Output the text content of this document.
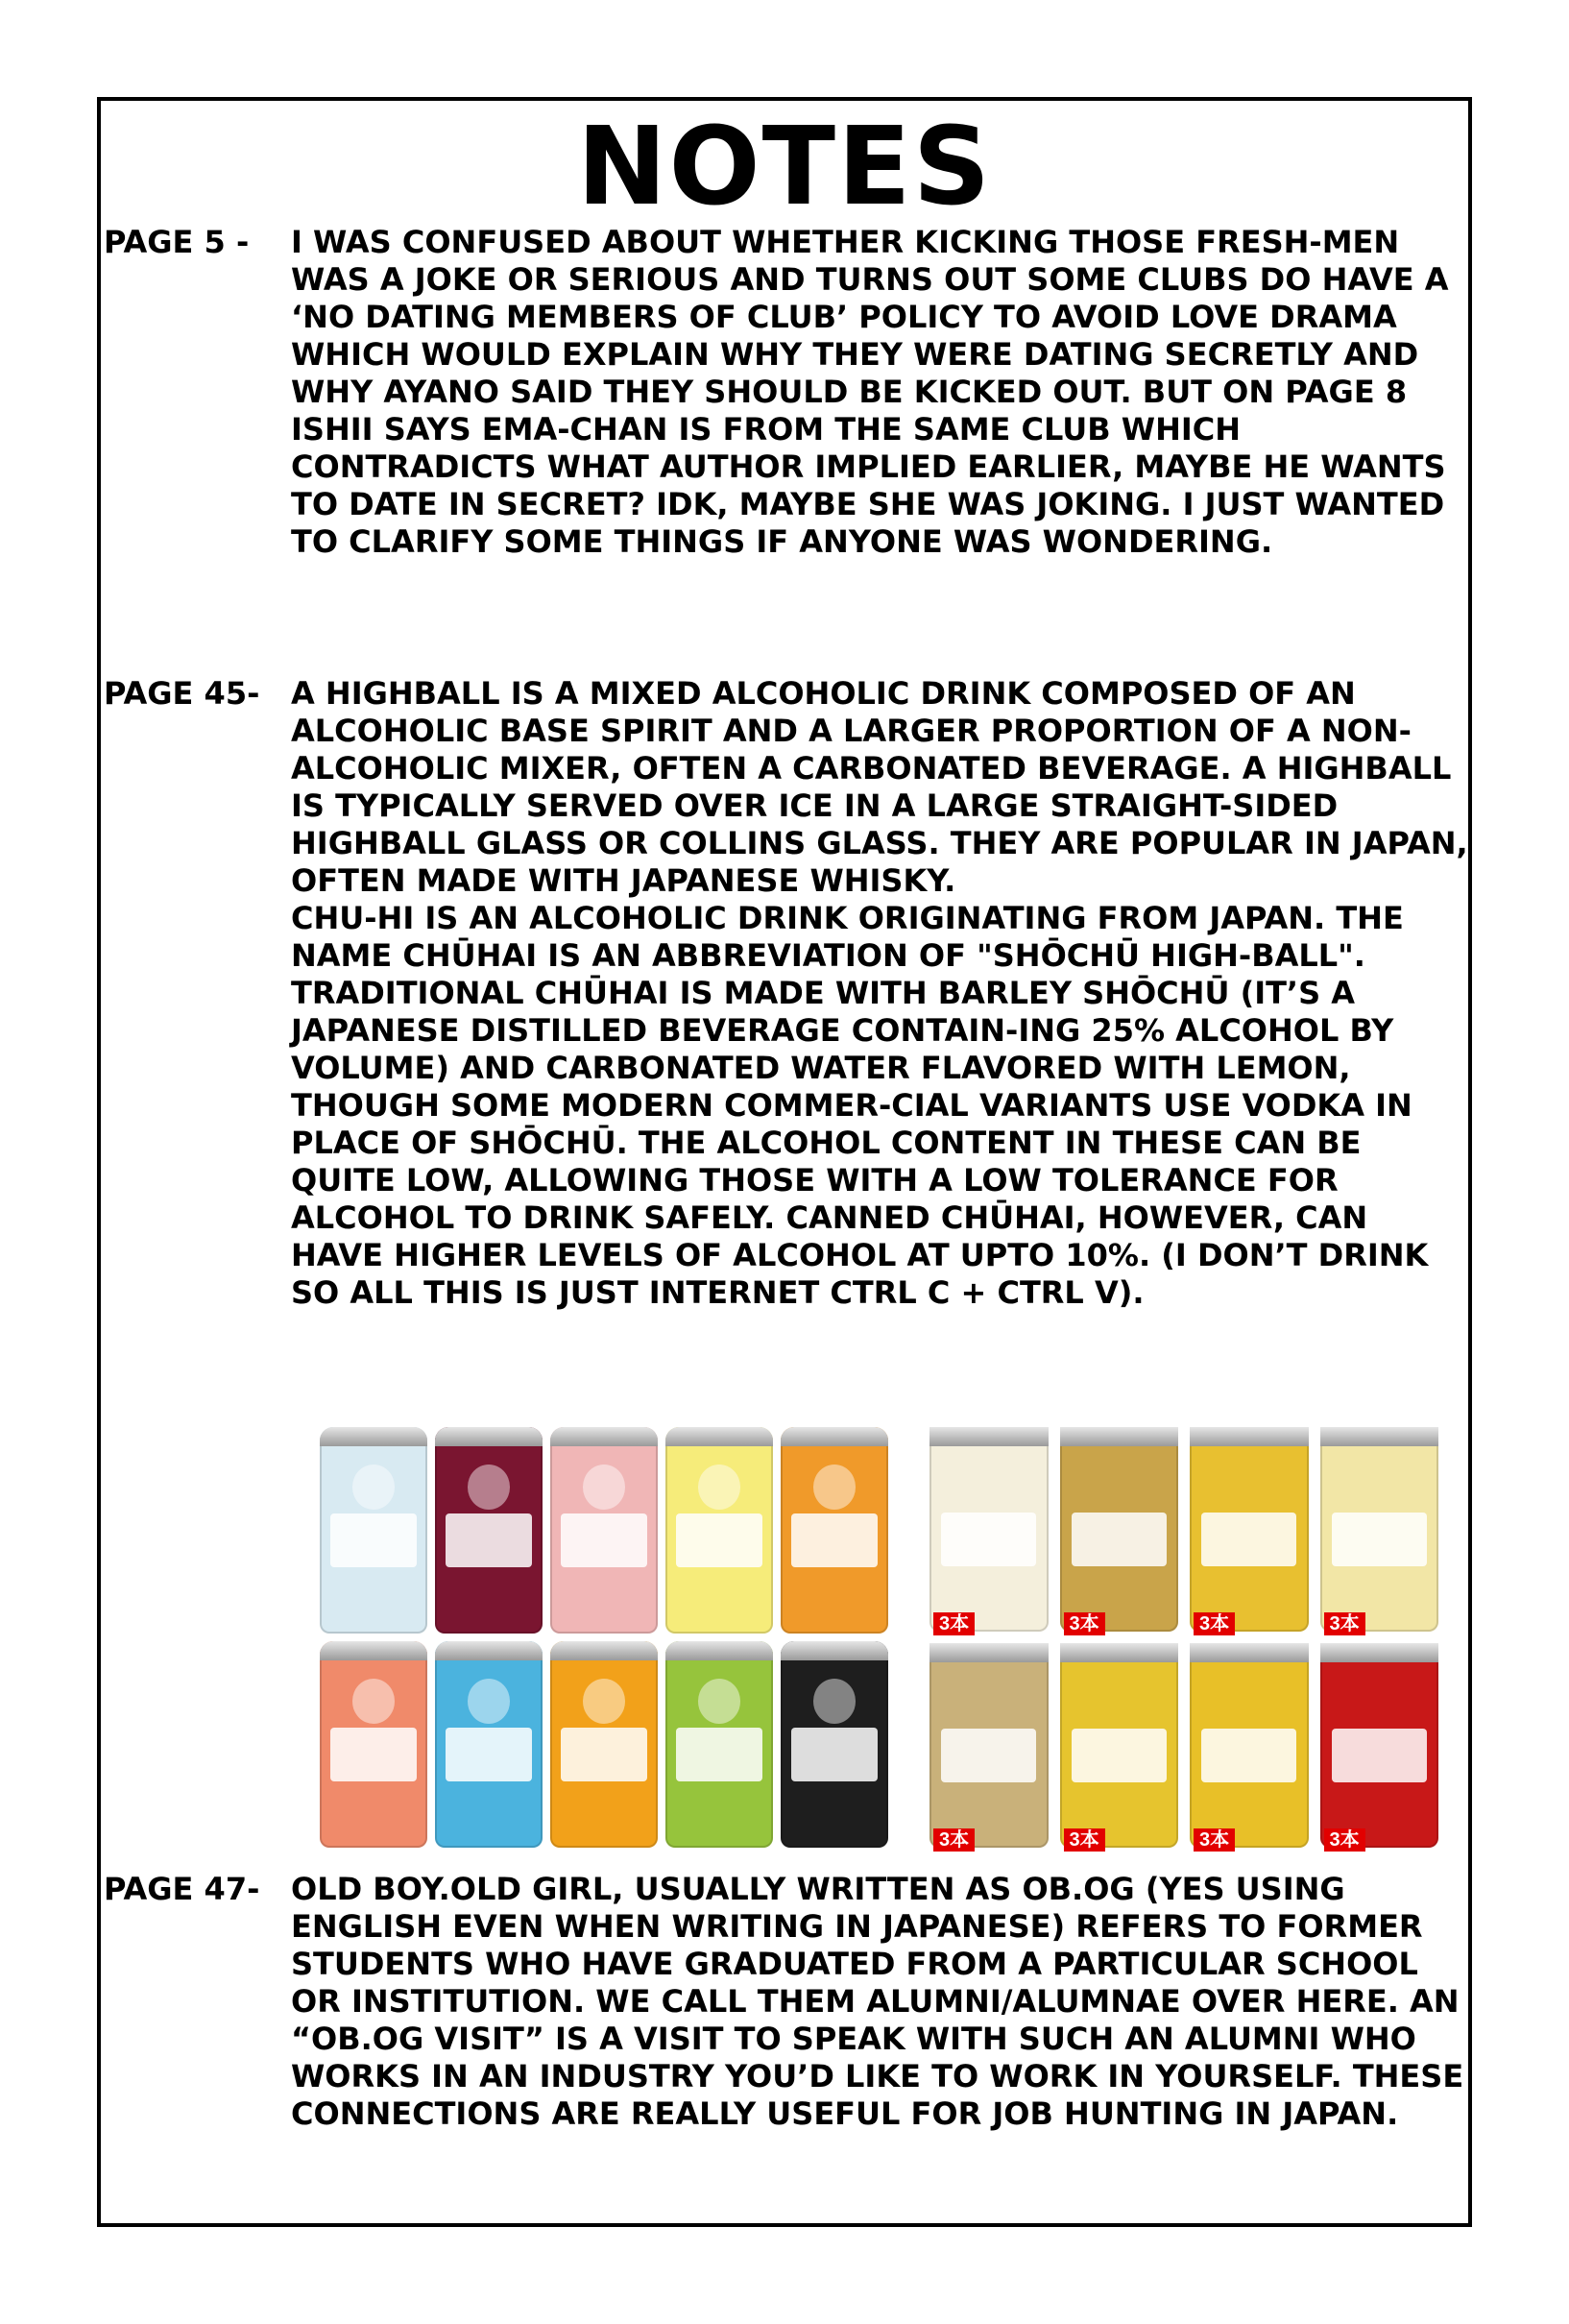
NOTES
PAGE 5 - I WAS CONFUSED ABOUT WHETHER KICKING THOSE FRESH-MEN WAS A JOKE OR SERIOUS AND TURNS OUT SOME CLUBS DO HAVE A ‘NO DATING MEMBERS OF CLUB’ POLICY TO AVOID LOVE DRAMA WHICH WOULD EXPLAIN WHY THEY WERE DATING SECRETLY AND WHY AYANO SAID THEY SHOULD BE KICKED OUT. BUT ON PAGE 8 ISHII SAYS EMA-CHAN IS FROM THE SAME CLUB WHICH CONTRADICTS WHAT AUTHOR IMPLIED EARLIER, MAYBE HE WANTS TO DATE IN SECRET? IDK, MAYBE SHE WAS JOKING. I JUST WANTED TO CLARIFY SOME THINGS IF ANYONE WAS WONDERING.

PAGE 45- A HIGHBALL IS A MIXED ALCOHOLIC DRINK COMPOSED OF AN ALCOHOLIC BASE SPIRIT AND A LARGER PROPORTION OF A NON-ALCOHOLIC MIXER, OFTEN A CARBONATED BEVERAGE. A HIGHBALL IS TYPICALLY SERVED OVER ICE IN A LARGE STRAIGHT-SIDED HIGHBALL GLASS OR COLLINS GLASS. THEY ARE POPULAR IN JAPAN, OFTEN MADE WITH JAPANESE WHISKY.

CHU-HI IS AN ALCOHOLIC DRINK ORIGINATING FROM JAPAN. THE NAME CHŪHAI IS AN ABBREVIATION OF "SHŌCHŪ HIGH-BALL". TRADITIONAL CHŪHAI IS MADE WITH BARLEY SHŌCHŪ (IT’S A JAPANESE DISTILLED BEVERAGE CONTAIN-ING 25% ALCOHOL BY VOLUME) AND CARBONATED WATER FLAVORED WITH LEMON, THOUGH SOME MODERN COMMER-CIAL VARIANTS USE VODKA IN PLACE OF SHŌCHŪ. THE ALCOHOL CONTENT IN THESE CAN BE QUITE LOW, ALLOWING THOSE WITH A LOW TOLERANCE FOR ALCOHOL TO DRINK SAFELY. CANNED CHŪHAI, HOWEVER, CAN HAVE HIGHER LEVELS OF ALCOHOL AT UPTO 10%. (I DON’T DRINK SO ALL THIS IS JUST INTERNET CTRL C + CTRL V).

3本	3本	3本	3本
3本	3本	3本	3本
PAGE 47- OLD BOY.OLD GIRL, USUALLY WRITTEN AS OB.OG (YES USING ENGLISH EVEN WHEN WRITING IN JAPANESE) REFERS TO FORMER STUDENTS WHO HAVE GRADUATED FROM A PARTICULAR SCHOOL OR INSTITUTION. WE CALL THEM ALUMNI/ALUMNAE OVER HERE. AN “OB.OG VISIT” IS A VISIT TO SPEAK WITH SUCH AN ALUMNI WHO WORKS IN AN INDUSTRY YOU’D LIKE TO WORK IN YOURSELF. THESE CONNECTIONS ARE REALLY USEFUL FOR JOB HUNTING IN JAPAN.
